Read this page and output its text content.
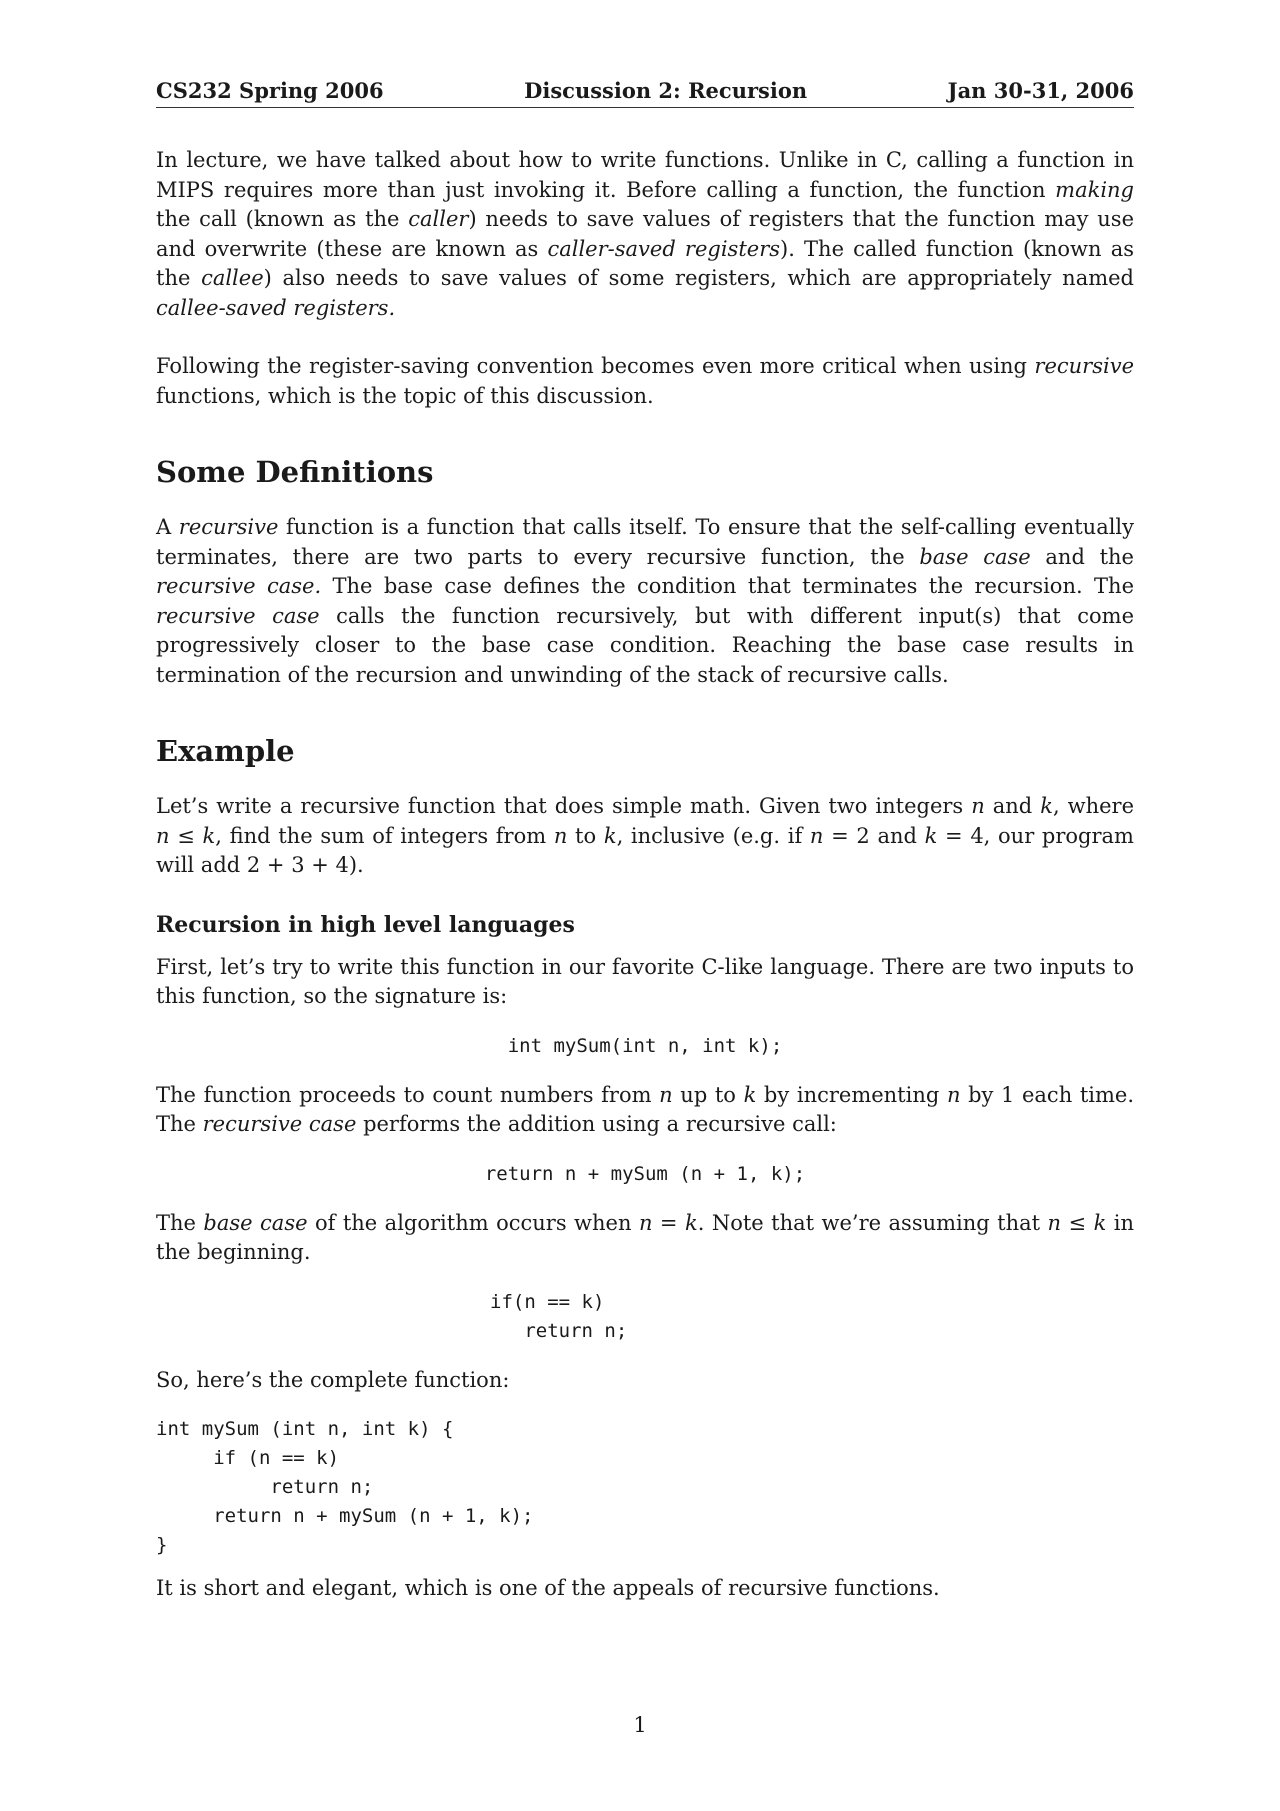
CS232 Spring 2006	Discussion 2: Recursion	Jan 30-31, 2006

In lecture, we have talked about how to write functions. Unlike in C, calling a function in MIPS requires more than just invoking it. Before calling a function, the function making the call (known as the caller) needs to save values of registers that the function may use and overwrite (these are known as caller-saved registers). The called function (known as the callee) also needs to save values of some registers, which are appropriately named callee-saved registers.

Following the register-saving convention becomes even more critical when using recursive functions, which is the topic of this discussion.

Some Definitions

A recursive function is a function that calls itself. To ensure that the self-calling eventually terminates, there are two parts to every recursive function, the base case and the recursive case. The base case defines the condition that terminates the recursion. The recursive case calls the function recursively, but with different input(s) that come progressively closer to the base case condition. Reaching the base case results in termination of the recursion and unwinding of the stack of recursive calls.

Example

Let’s write a recursive function that does simple math. Given two integers n and k, where n ≤ k, find the sum of integers from n to k, inclusive (e.g. if n = 2 and k = 4, our program will add 2 + 3 + 4).

Recursion in high level languages

First, let’s try to write this function in our favorite C-like language. There are two inputs to this function, so the signature is:

int mySum(int n, int k);

The function proceeds to count numbers from n up to k by incrementing n by 1 each time. The recursive case performs the addition using a recursive call:

return n + mySum (n + 1, k);

The base case of the algorithm occurs when n = k. Note that we’re assuming that n ≤ k in the beginning.

if(n == k)
return n;

So, here’s the complete function:

int mySum (int n, int k) {
if (n == k)
return n;
return n + mySum (n + 1, k);
}

It is short and elegant, which is one of the appeals of recursive functions.

1
